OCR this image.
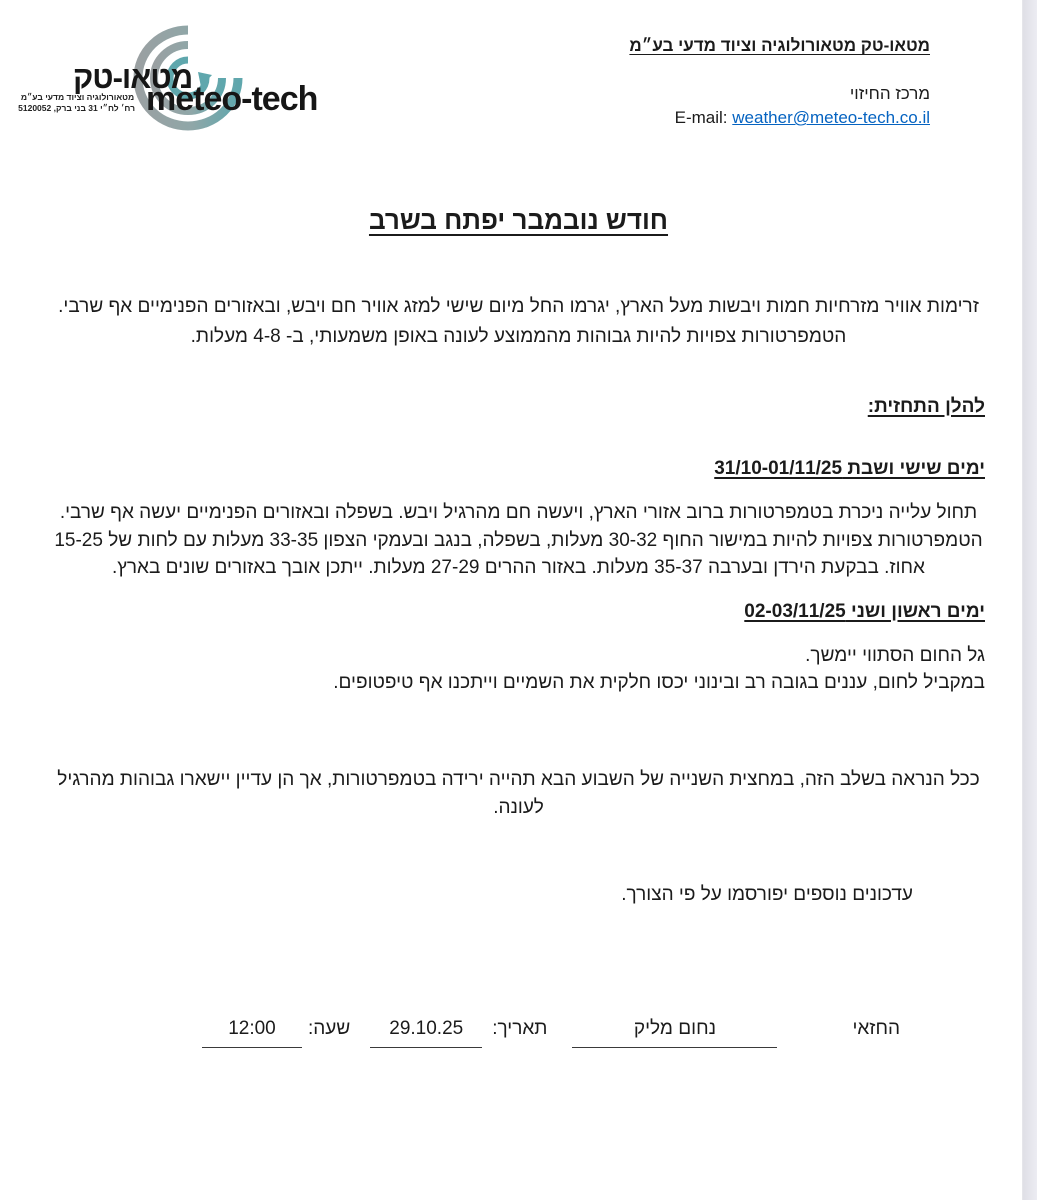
מטאו-טק
meteo-tech
מטאורולוגיה וציוד מדעי בע״מ
רח׳ לח״י 31 בני ברק, 5120052
מטאו-טק מטאורולוגיה וציוד מדעי בע״מ
מרכז החיזוי
E-mail: weather@meteo-tech.co.il
חודש נובמבר יפתח בשרב

זרימות אוויר מזרחיות חמות ויבשות מעל הארץ, יגרמו החל מיום שישי למזג אוויר חם ויבש, ובאזורים הפנימיים אף שרבי. הטמפרטורות צפויות להיות גבוהות מהממוצע לעונה באופן משמעותי, ב- 4-8 מעלות.

להלן התחזית:

ימים שישי ושבת 31/10-01/11/25

תחול עלייה ניכרת בטמפרטורות ברוב אזורי הארץ, ויעשה חם מהרגיל ויבש. בשפלה ובאזורים הפנימיים יעשה אף שרבי. הטמפרטורות צפויות להיות במישור החוף 30-32 מעלות, בשפלה, בנגב ובעמקי הצפון 33-35 מעלות עם לחות של 15-25 אחוז. בבקעת הירדן ובערבה 35-37 מעלות. באזור ההרים 27-29 מעלות. ייתכן אובך באזורים שונים בארץ.

ימים ראשון ושני 02-03/11/25

גל החום הסתווי יימשך.
במקביל לחום, עננים בגובה רב ובינוני יכסו חלקית את השמיים וייתכנו אף טיפטופים.

ככל הנראה בשלב הזה, במחצית השנייה של השבוע הבא תהייה ירידה בטמפרטורות, אך הן עדיין יישארו גבוהות מהרגיל לעונה.

עדכונים נוספים יפורסמו על פי הצורך.

החזאי
נחום מליק
תאריך:
29.10.25
שעה:
12:00
